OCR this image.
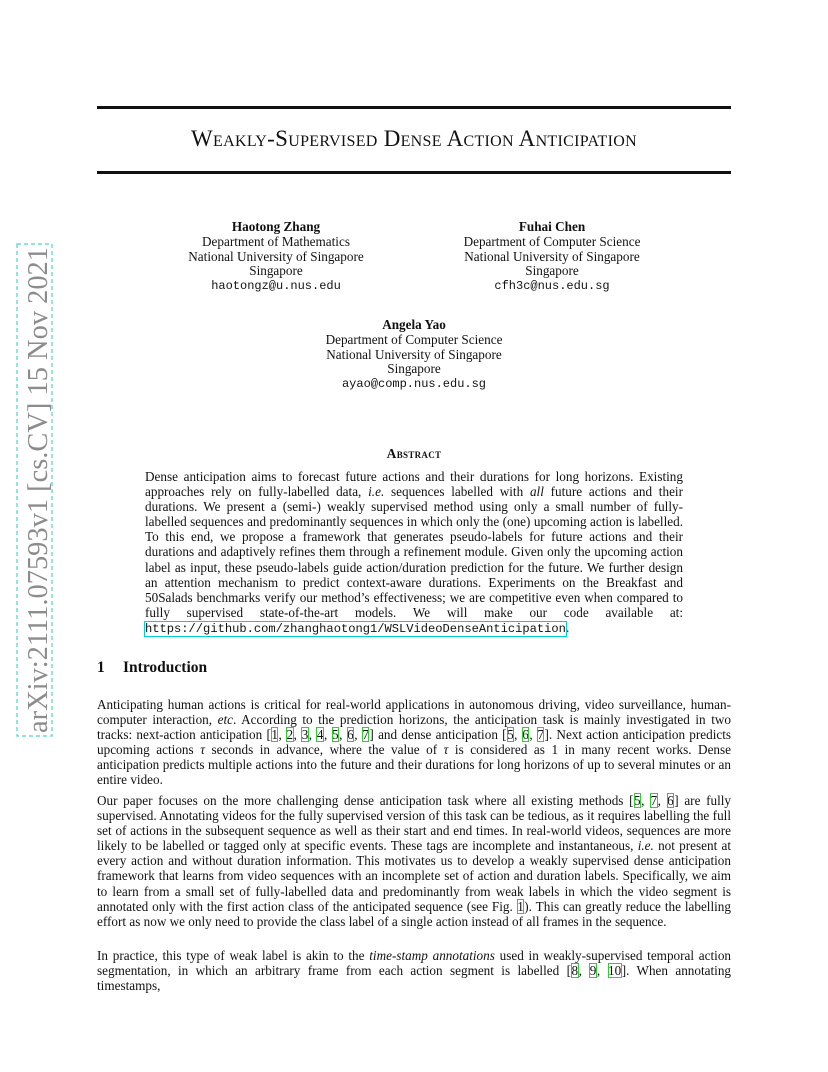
Weakly-Supervised Dense Action Anticipation
arXiv:2111.07593v1 [cs.CV] 15 Nov 2021
Haotong Zhang
Department of Mathematics
National University of Singapore
Singapore
haotongz@u.nus.edu
Fuhai Chen
Department of Computer Science
National University of Singapore
Singapore
cfh3c@nus.edu.sg
Angela Yao
Department of Computer Science
National University of Singapore
Singapore
ayao@comp.nus.edu.sg
Abstract
Dense anticipation aims to forecast future actions and their durations for long horizons. Existing approaches rely on fully-labelled data, i.e. sequences labelled with all future actions and their durations. We present a (semi-) weakly supervised method using only a small number of fully-labelled sequences and predominantly sequences in which only the (one) upcoming action is labelled. To this end, we propose a framework that generates pseudo-labels for future actions and their durations and adaptively refines them through a refinement module. Given only the upcoming action label as input, these pseudo-labels guide action/duration prediction for the future. We further design an attention mechanism to predict context-aware durations. Experiments on the Breakfast and 50Salads benchmarks verify our method’s effectiveness; we are competitive even when compared to fully supervised state-of-the-art models. We will make our code available at: https://github.com/zhanghaotong1/WSLVideoDenseAnticipation.
1 Introduction
Anticipating human actions is critical for real-world applications in autonomous driving, video surveillance, human-computer interaction, etc. According to the prediction horizons, the anticipation task is mainly investigated in two tracks: next-action anticipation [1, 2, 3, 4, 5, 6, 7] and dense anticipation [5, 6, 7]. Next action anticipation predicts upcoming actions τ seconds in advance, where the value of τ is considered as 1 in many recent works. Dense anticipation predicts multiple actions into the future and their durations for long horizons of up to several minutes or an entire video.
Our paper focuses on the more challenging dense anticipation task where all existing methods [5, 7, 6] are fully supervised. Annotating videos for the fully supervised version of this task can be tedious, as it requires labelling the full set of actions in the subsequent sequence as well as their start and end times. In real-world videos, sequences are more likely to be labelled or tagged only at specific events. These tags are incomplete and instantaneous, i.e. not present at every action and without duration information. This motivates us to develop a weakly supervised dense anticipation framework that learns from video sequences with an incomplete set of action and duration labels. Specifically, we aim to learn from a small set of fully-labelled data and predominantly from weak labels in which the video segment is annotated only with the first action class of the anticipated sequence (see Fig. 1). This can greatly reduce the labelling effort as now we only need to provide the class label of a single action instead of all frames in the sequence.
In practice, this type of weak label is akin to the time-stamp annotations used in weakly-supervised temporal action segmentation, in which an arbitrary frame from each action segment is labelled [8, 9, 10]. When annotating timestamps,
